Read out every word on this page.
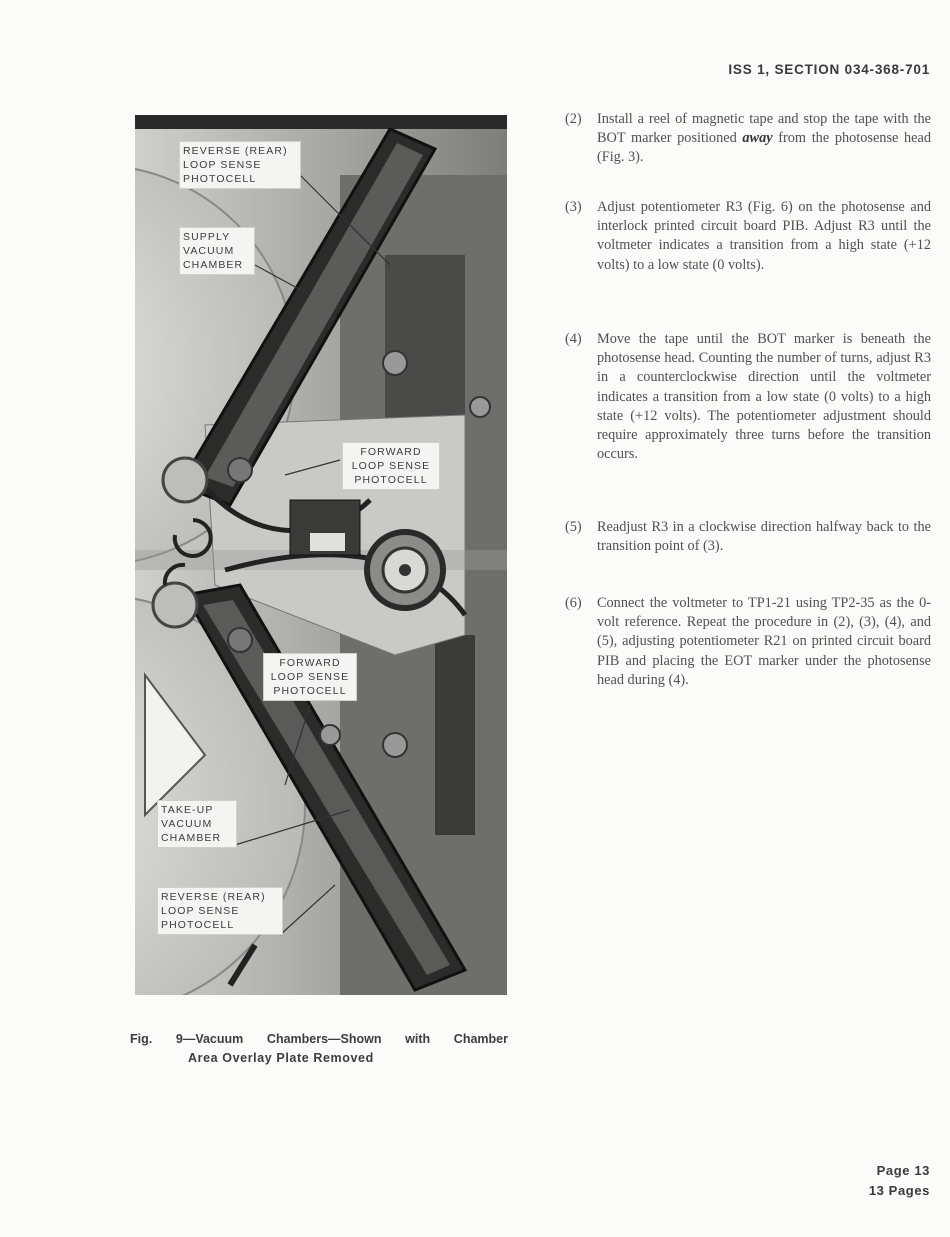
ISS 1, SECTION 034-368-701
REVERSE (REAR)
LOOP SENSE
PHOTOCELL
SUPPLY
VACUUM
CHAMBER
FORWARD
LOOP SENSE
PHOTOCELL
FORWARD
LOOP SENSE
PHOTOCELL
TAKE-UP
VACUUM
CHAMBER
REVERSE (REAR)
LOOP SENSE
PHOTOCELL
Fig. 9—Vacuum Chambers—Shown with Chamber
Area Overlay Plate Removed

(2) Install a reel of magnetic tape and stop the tape with the BOT marker positioned away from the photosense head (Fig. 3).

(3) Adjust potentiometer R3 (Fig. 6) on the photosense and interlock printed circuit board PIB. Adjust R3 until the voltmeter indicates a transition from a high state (+12 volts) to a low state (0 volts).

(4) Move the tape until the BOT marker is beneath the photosense head. Counting the number of turns, adjust R3 in a counterclockwise direction until the voltmeter indicates a transition from a low state (0 volts) to a high state (+12 volts). The potentiometer adjustment should require approximately three turns before the transition occurs.

(5) Readjust R3 in a clockwise direction halfway back to the transition point of (3).

(6) Connect the voltmeter to TP1-21 using TP2-35 as the 0-volt reference. Repeat the procedure in (2), (3), (4), and (5), adjusting potentiometer R21 on printed circuit board PIB and placing the EOT marker under the photosense head during (4).

Page 13
13 Pages
